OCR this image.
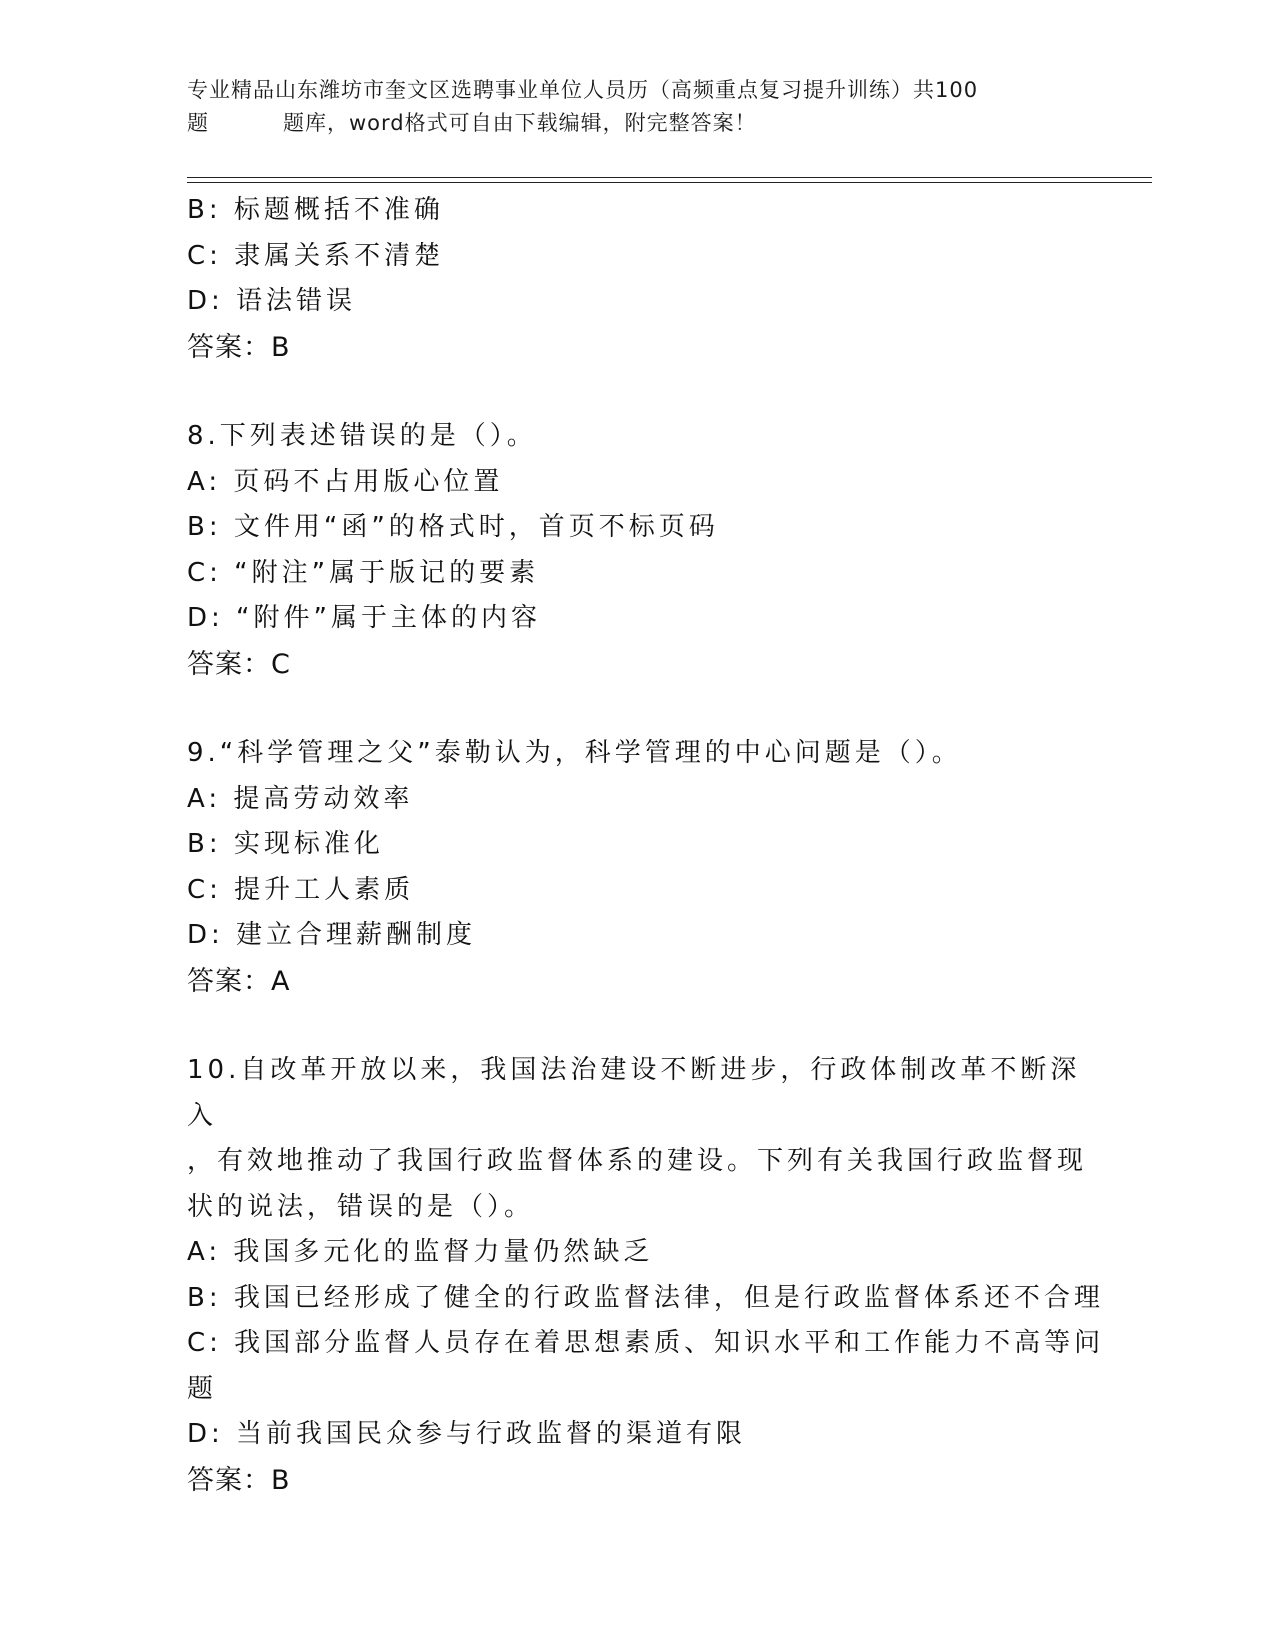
专业精品山东潍坊市奎文区选聘事业单位人员历（高频重点复习提升训练）共100
题	题库，word格式可自由下载编辑，附完整答案！
B: 标题概括不准确
C: 隶属关系不清楚
D: 语法错误
答案：B
8.下列表述错误的是（）。
A: 页码不占用版心位置
B: 文件用“函”的格式时，首页不标页码
C: “附注”属于版记的要素
D: “附件”属于主体的内容
答案：C
9.“科学管理之父”泰勒认为，科学管理的中心问题是（）。
A: 提高劳动效率
B: 实现标准化
C: 提升工人素质
D: 建立合理薪酬制度
答案：A
10.自改革开放以来，我国法治建设不断进步，行政体制改革不断深入
，有效地推动了我国行政监督体系的建设。下列有关我国行政监督现
状的说法，错误的是（）。
A: 我国多元化的监督力量仍然缺乏
B: 我国已经形成了健全的行政监督法律，但是行政监督体系还不合理
C: 我国部分监督人员存在着思想素质、知识水平和工作能力不高等问
题
D: 当前我国民众参与行政监督的渠道有限
答案：B
